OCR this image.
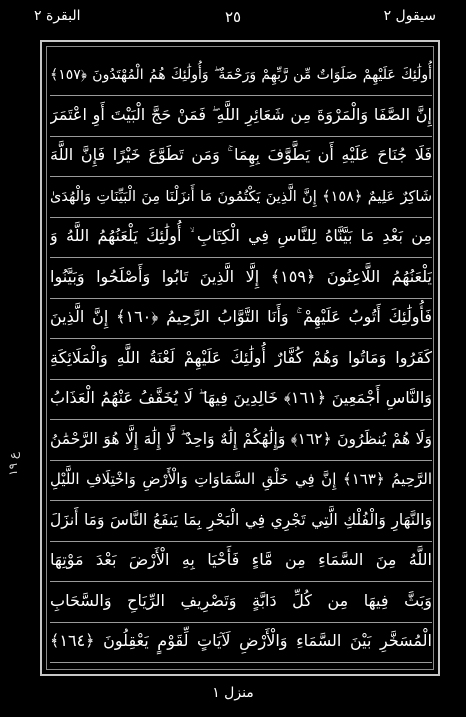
البقرة ٢	٢٥	سيقول ٢
أُولَٰئِكَ عَلَيْهِمْ صَلَوَاتٌ مِّن رَّبِّهِمْ وَرَحْمَةٌ ۖ وَأُولَٰئِكَ هُمُ الْمُهْتَدُونَ ﴿١٥٧﴾
إِنَّ الصَّفَا وَالْمَرْوَةَ مِن شَعَائِرِ اللَّهِ ۖ فَمَنْ حَجَّ الْبَيْتَ أَوِ اعْتَمَرَ
فَلَا جُنَاحَ عَلَيْهِ أَن يَطَّوَّفَ بِهِمَا ۚ وَمَن تَطَوَّعَ خَيْرًا فَإِنَّ اللَّهَ
شَاكِرٌ عَلِيمٌ ﴿١٥٨﴾ إِنَّ الَّذِينَ يَكْتُمُونَ مَا أَنزَلْنَا مِنَ الْبَيِّنَاتِ وَالْهُدَىٰ
مِن بَعْدِ مَا بَيَّنَّاهُ لِلنَّاسِ فِي الْكِتَابِ ۙ أُولَٰئِكَ يَلْعَنُهُمُ اللَّهُ وَ
يَلْعَنُهُمُ اللَّاعِنُونَ ﴿١٥٩﴾ إِلَّا الَّذِينَ تَابُوا وَأَصْلَحُوا وَبَيَّنُوا
فَأُولَٰئِكَ أَتُوبُ عَلَيْهِمْ ۚ وَأَنَا التَّوَّابُ الرَّحِيمُ ﴿١٦٠﴾ إِنَّ الَّذِينَ
كَفَرُوا وَمَاتُوا وَهُمْ كُفَّارٌ أُولَٰئِكَ عَلَيْهِمْ لَعْنَةُ اللَّهِ وَالْمَلَائِكَةِ
وَالنَّاسِ أَجْمَعِينَ ﴿١٦١﴾ خَالِدِينَ فِيهَا ۖ لَا يُخَفَّفُ عَنْهُمُ الْعَذَابُ
وَلَا هُمْ يُنظَرُونَ ﴿١٦٢﴾ وَإِلَٰهُكُمْ إِلَٰهٌ وَاحِدٌ ۖ لَّا إِلَٰهَ إِلَّا هُوَ الرَّحْمَٰنُ
الرَّحِيمُ ﴿١٦٣﴾ إِنَّ فِي خَلْقِ السَّمَاوَاتِ وَالْأَرْضِ وَاخْتِلَافِ اللَّيْلِ
وَالنَّهَارِ وَالْفُلْكِ الَّتِي تَجْرِي فِي الْبَحْرِ بِمَا يَنفَعُ النَّاسَ وَمَا أَنزَلَ
اللَّهُ مِنَ السَّمَاءِ مِن مَّاءٍ فَأَحْيَا بِهِ الْأَرْضَ بَعْدَ مَوْتِهَا
وَبَثَّ فِيهَا مِن كُلِّ دَابَّةٍ وَتَصْرِيفِ الرِّيَاحِ وَالسَّحَابِ
الْمُسَخَّرِ بَيْنَ السَّمَاءِ وَالْأَرْضِ لَآيَاتٍ لِّقَوْمٍ يَعْقِلُونَ ﴿١٦٤﴾
ع ١٩
منزل ١
